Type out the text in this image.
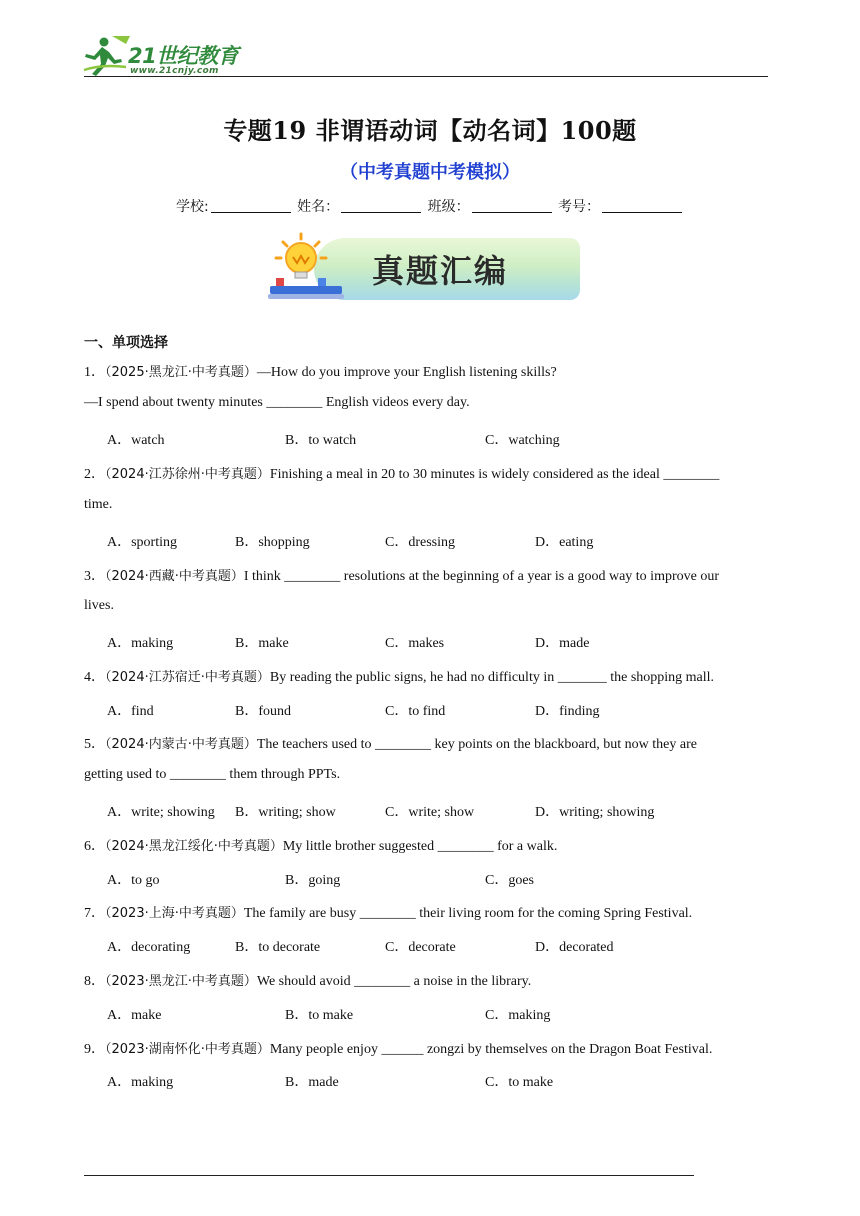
21世纪教育
www.21cnjy.com
专题19 非谓语动词【动名词】100题
（中考真题中考模拟）
学校:	姓名：	班级：	考号：
真题汇编
一、单项选择
1．（2025·黑龙江·中考真题）—How do you improve your English listening skills?
—I spend about twenty minutes ________ English videos every day.
A．watch	B．to watch	C．watching
2．（2024·江苏徐州·中考真题）Finishing a meal in 20 to 30 minutes is widely considered as the ideal ________
time.
A．sporting	B．shopping	C．dressing	D．eating
3．（2024·西藏·中考真题）I think ________ resolutions at the beginning of a year is a good way to improve our
lives.
A．making	B．make	C．makes	D．made
4．（2024·江苏宿迁·中考真题）By reading the public signs, he had no difficulty in _______ the shopping mall.
A．find	B．found	C．to find	D．finding
5．（2024·内蒙古·中考真题）The teachers used to ________ key points on the blackboard, but now they are
getting used to ________ them through PPTs.
A．write; showing B．writing; show	C．write; show	D．writing; showing
6．（2024·黑龙江绥化·中考真题）My little brother suggested ________ for a walk.
A．to go	B．going	C．goes
7．（2023·上海·中考真题）The family are busy ________ their living room for the coming Spring Festival.
A．decorating	B．to decorate	C．decorate	D．decorated
8．（2023·黑龙江·中考真题）We should avoid ________ a noise in the library.
A．make	B．to make	C．making
9．（2023·湖南怀化·中考真题）Many people enjoy ______ zongzi by themselves on the Dragon Boat Festival.
A．making	B．made	C．to make
